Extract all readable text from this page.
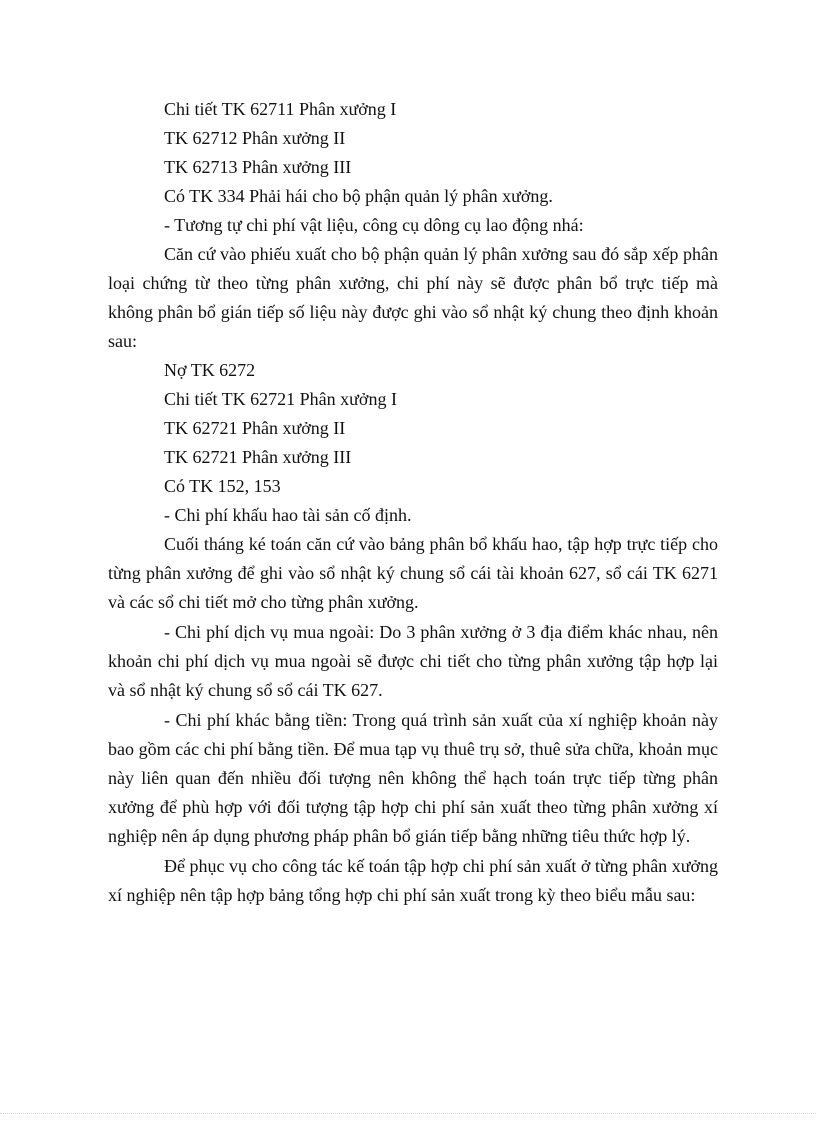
Chi tiết TK 62711 Phân xưởng I

TK 62712 Phân xưởng II

TK 62713 Phân xưởng III

Có TK 334 Phải hái cho bộ phận quản lý phân xưởng.

- Tương tự chi phí vật liệu, công cụ dông cụ lao động nhá:

Căn cứ vào phiếu xuất cho bộ phận quản lý phân xưởng sau đó sắp xếp phân loại chứng từ theo từng phân xưởng, chi phí này sẽ được phân bổ trực tiếp mà không phân bổ gián tiếp số liệu này được ghi vào sổ nhật ký chung theo định khoản sau:

Nợ TK 6272

Chi tiết TK 62721 Phân xưởng I

TK 62721 Phân xưởng II

TK 62721 Phân xưởng III

Có TK 152, 153

- Chi phí khấu hao tài sản cố định.

Cuối tháng ké toán căn cứ vào bảng phân bổ khấu hao, tập hợp trực tiếp cho từng phân xưởng để ghi vào sổ nhật ký chung sổ cái tài khoản 627, sổ cái TK 6271 và các sổ chi tiết mở cho từng phân xưởng.

- Chi phí dịch vụ mua ngoài: Do 3 phân xưởng ở 3 địa điểm khác nhau, nên khoản chi phí dịch vụ mua ngoài sẽ được chi tiết cho từng phân xưởng tập hợp lại và sổ nhật ký chung sổ sổ cái TK 627.

- Chi phí khác bằng tiền: Trong quá trình sản xuất của xí nghiệp khoản này bao gồm các chi phí bằng tiền. Để mua tạp vụ thuê trụ sở, thuê sửa chữa, khoản mục này liên quan đến nhiều đối tượng nên không thể hạch toán trực tiếp từng phân xưởng để phù hợp với đối tượng tập hợp chi phí sản xuất theo từng phân xưởng xí nghiệp nên áp dụng phương pháp phân bổ gián tiếp bằng những tiêu thức hợp lý.

Để phục vụ cho công tác kế toán tập hợp chi phí sản xuất ở từng phân xưởng xí nghiệp nên tập hợp bảng tổng hợp chi phí sản xuất trong kỳ theo biểu mẫu sau:
